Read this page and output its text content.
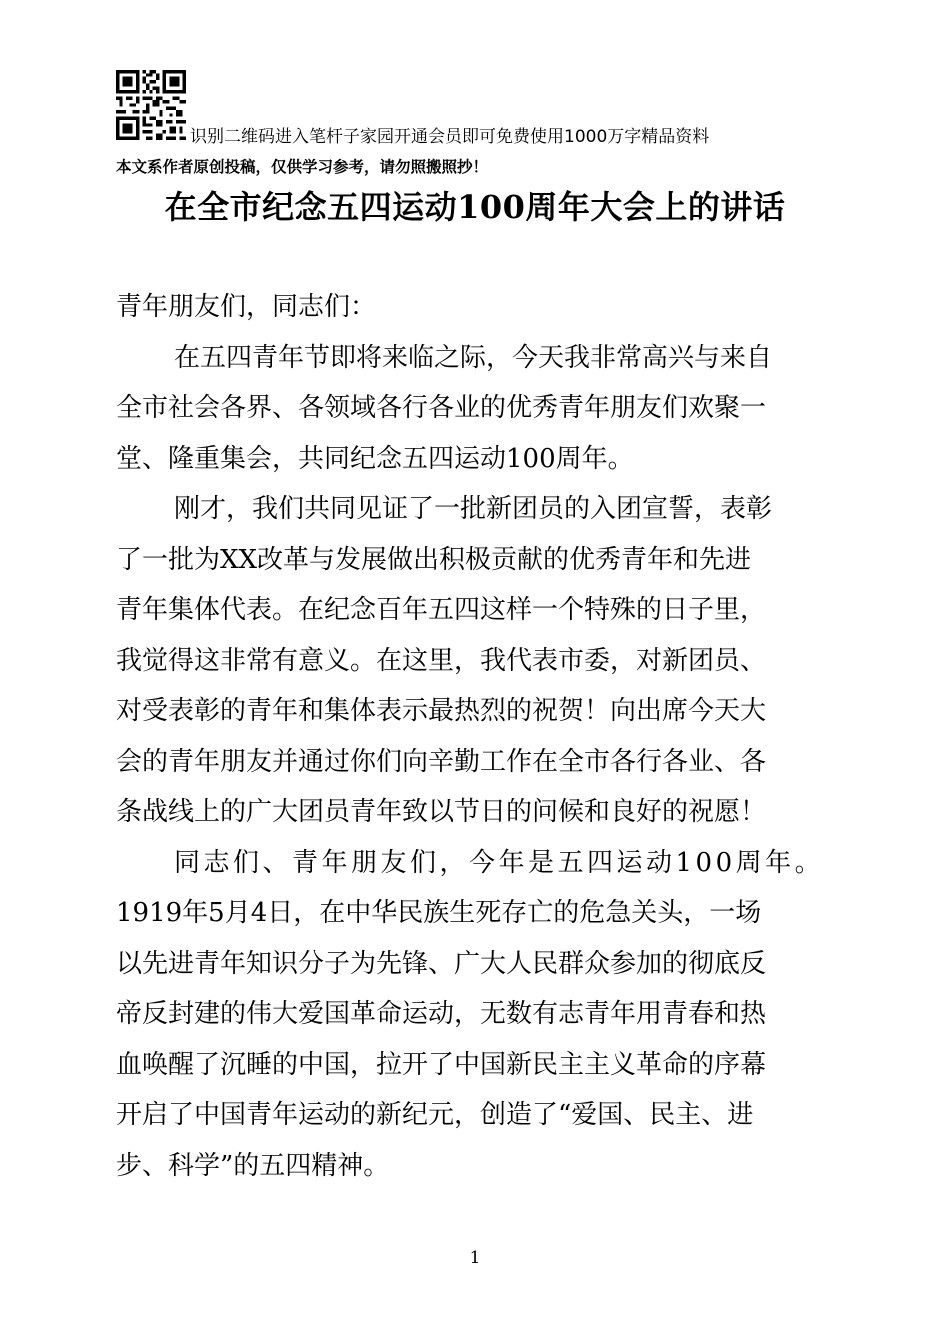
识别二维码进入笔杆子家园开通会员即可免费使用1000万字精品资料
本文系作者原创投稿，仅供学习参考，请勿照搬照抄！
在全市纪念五四运动100周年大会上的讲话
青年朋友们，同志们：
在五四青年节即将来临之际，今天我非常高兴与来自
全市社会各界、各领域各行各业的优秀青年朋友们欢聚一
堂、隆重集会，共同纪念五四运动100周年。
刚才，我们共同见证了一批新团员的入团宣誓，表彰
了一批为XX改革与发展做出积极贡献的优秀青年和先进
青年集体代表。在纪念百年五四这样一个特殊的日子里，
我觉得这非常有意义。在这里，我代表市委，对新团员、
对受表彰的青年和集体表示最热烈的祝贺！向出席今天大
会的青年朋友并通过你们向辛勤工作在全市各行各业、各
条战线上的广大团员青年致以节日的问候和良好的祝愿！
同志们、青年朋友们，今年是五四运动100周年。
1919年5月4日，在中华民族生死存亡的危急关头，一场
以先进青年知识分子为先锋、广大人民群众参加的彻底反
帝反封建的伟大爱国革命运动，无数有志青年用青春和热
血唤醒了沉睡的中国，拉开了中国新民主主义革命的序幕
开启了中国青年运动的新纪元，创造了“爱国、民主、进
步、科学”的五四精神。
1
